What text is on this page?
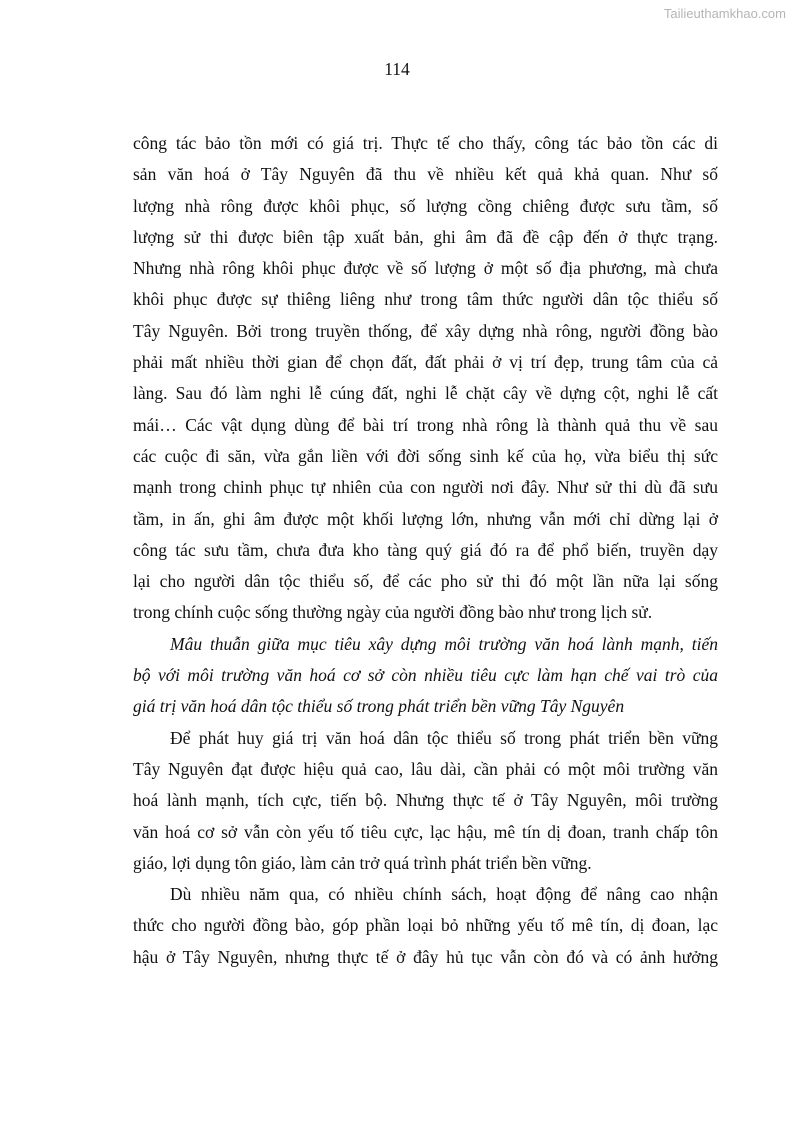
Tailieuthamkhao.com
114
công tác bảo tồn mới có giá trị. Thực tế cho thấy, công tác bảo tồn các di
sản văn hoá ở Tây Nguyên đã thu về nhiều kết quả khả quan. Như số
lượng nhà rông được khôi phục, số lượng cồng chiêng được sưu tầm, số
lượng sử thi được biên tập xuất bản, ghi âm đã đề cập đến ở thực trạng.
Nhưng nhà rông khôi phục được về số lượng ở một số địa phương, mà chưa
khôi phục được sự thiêng liêng như trong tâm thức người dân tộc thiểu số
Tây Nguyên. Bởi trong truyền thống, để xây dựng nhà rông, người đồng bào
phải mất nhiều thời gian để chọn đất, đất phải ở vị trí đẹp, trung tâm của cả
làng. Sau đó làm nghi lễ cúng đất, nghi lễ chặt cây về dựng cột, nghi lễ cất
mái… Các vật dụng dùng để bài trí trong nhà rông là thành quả thu về sau
các cuộc đi săn, vừa gắn liền với đời sống sinh kế của họ, vừa biểu thị sức
mạnh trong chinh phục tự nhiên của con người nơi đây. Như sử thi dù đã sưu
tầm, in ấn, ghi âm được một khối lượng lớn, nhưng vẫn mới chỉ dừng lại ở
công tác sưu tầm, chưa đưa kho tàng quý giá đó ra để phổ biến, truyền dạy
lại cho người dân tộc thiểu số, để các pho sử thi đó một lần nữa lại sống
trong chính cuộc sống thường ngày của người đồng bào như trong lịch sử.
Mâu thuẫn giữa mục tiêu xây dựng môi trường văn hoá lành mạnh, tiến
bộ với môi trường văn hoá cơ sở còn nhiều tiêu cực làm hạn chế vai trò của
giá trị văn hoá dân tộc thiểu số trong phát triển bền vững Tây Nguyên
Để phát huy giá trị văn hoá dân tộc thiểu số trong phát triển bền vững
Tây Nguyên đạt được hiệu quả cao, lâu dài, cần phải có một môi trường văn
hoá lành mạnh, tích cực, tiến bộ. Nhưng thực tế ở Tây Nguyên, môi trường
văn hoá cơ sở vẫn còn yếu tố tiêu cực, lạc hậu, mê tín dị đoan, tranh chấp tôn
giáo, lợi dụng tôn giáo, làm cản trở quá trình phát triển bền vững.
Dù nhiều năm qua, có nhiều chính sách, hoạt động để nâng cao nhận
thức cho người đồng bào, góp phần loại bỏ những yếu tố mê tín, dị đoan, lạc
hậu ở Tây Nguyên, nhưng thực tế ở đây hủ tục vẫn còn đó và có ảnh hưởng
